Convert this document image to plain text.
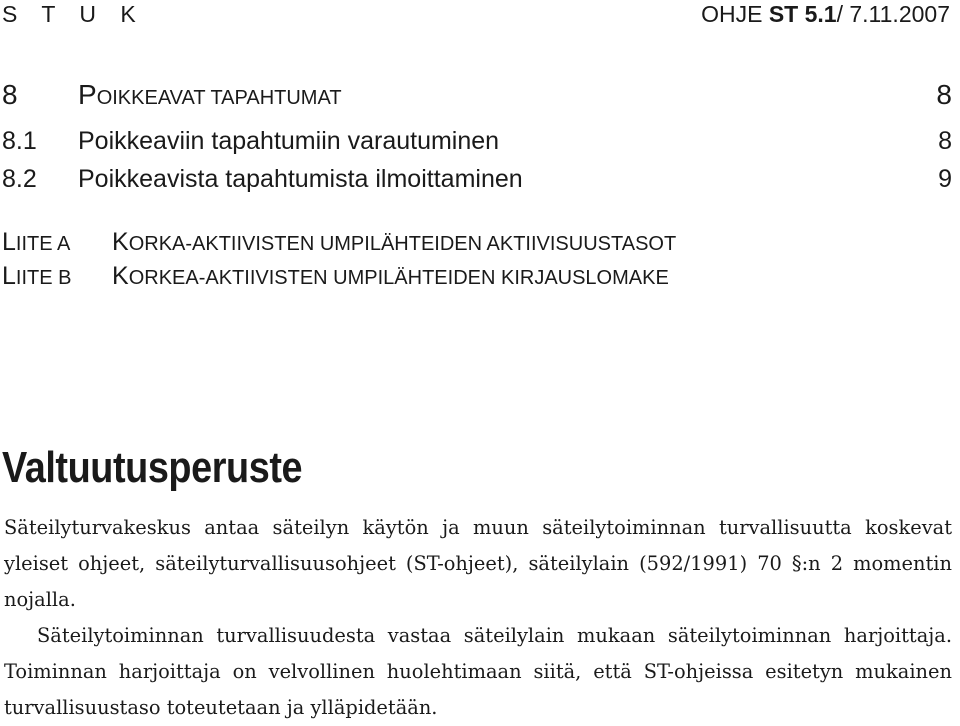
S T U K	OHJE ST 5.1/ 7.11.2007
8 POIKKEAVAT TAPAHTUMAT	8
8.1 Poikkeaviin tapahtumiin varautuminen	8
8.2 Poikkeavista tapahtumista ilmoittaminen	9
LIITE A KORKA-AKTIIVISTEN UMPILÄHTEIDEN AKTIIVISUUSTASOT
LIITE B KORKEA-AKTIIVISTEN UMPILÄHTEIDEN KIRJAUSLOMAKE
Valtuutusperuste

Säteilyturvakeskus antaa säteilyn käytön ja muun säteilytoiminnan turvallisuutta koskevat yleiset ohjeet, säteilyturvallisuusohjeet (ST-ohjeet), säteilylain (592/1991) 70 §:n 2 momentin nojalla.

Säteilytoiminnan turvallisuudesta vastaa säteilylain mukaan säteilytoiminnan harjoittaja. Toiminnan harjoittaja on velvollinen huolehtimaan siitä, että ST-ohjeissa esitetyn mukainen turvallisuustaso toteutetaan ja ylläpidetään.
